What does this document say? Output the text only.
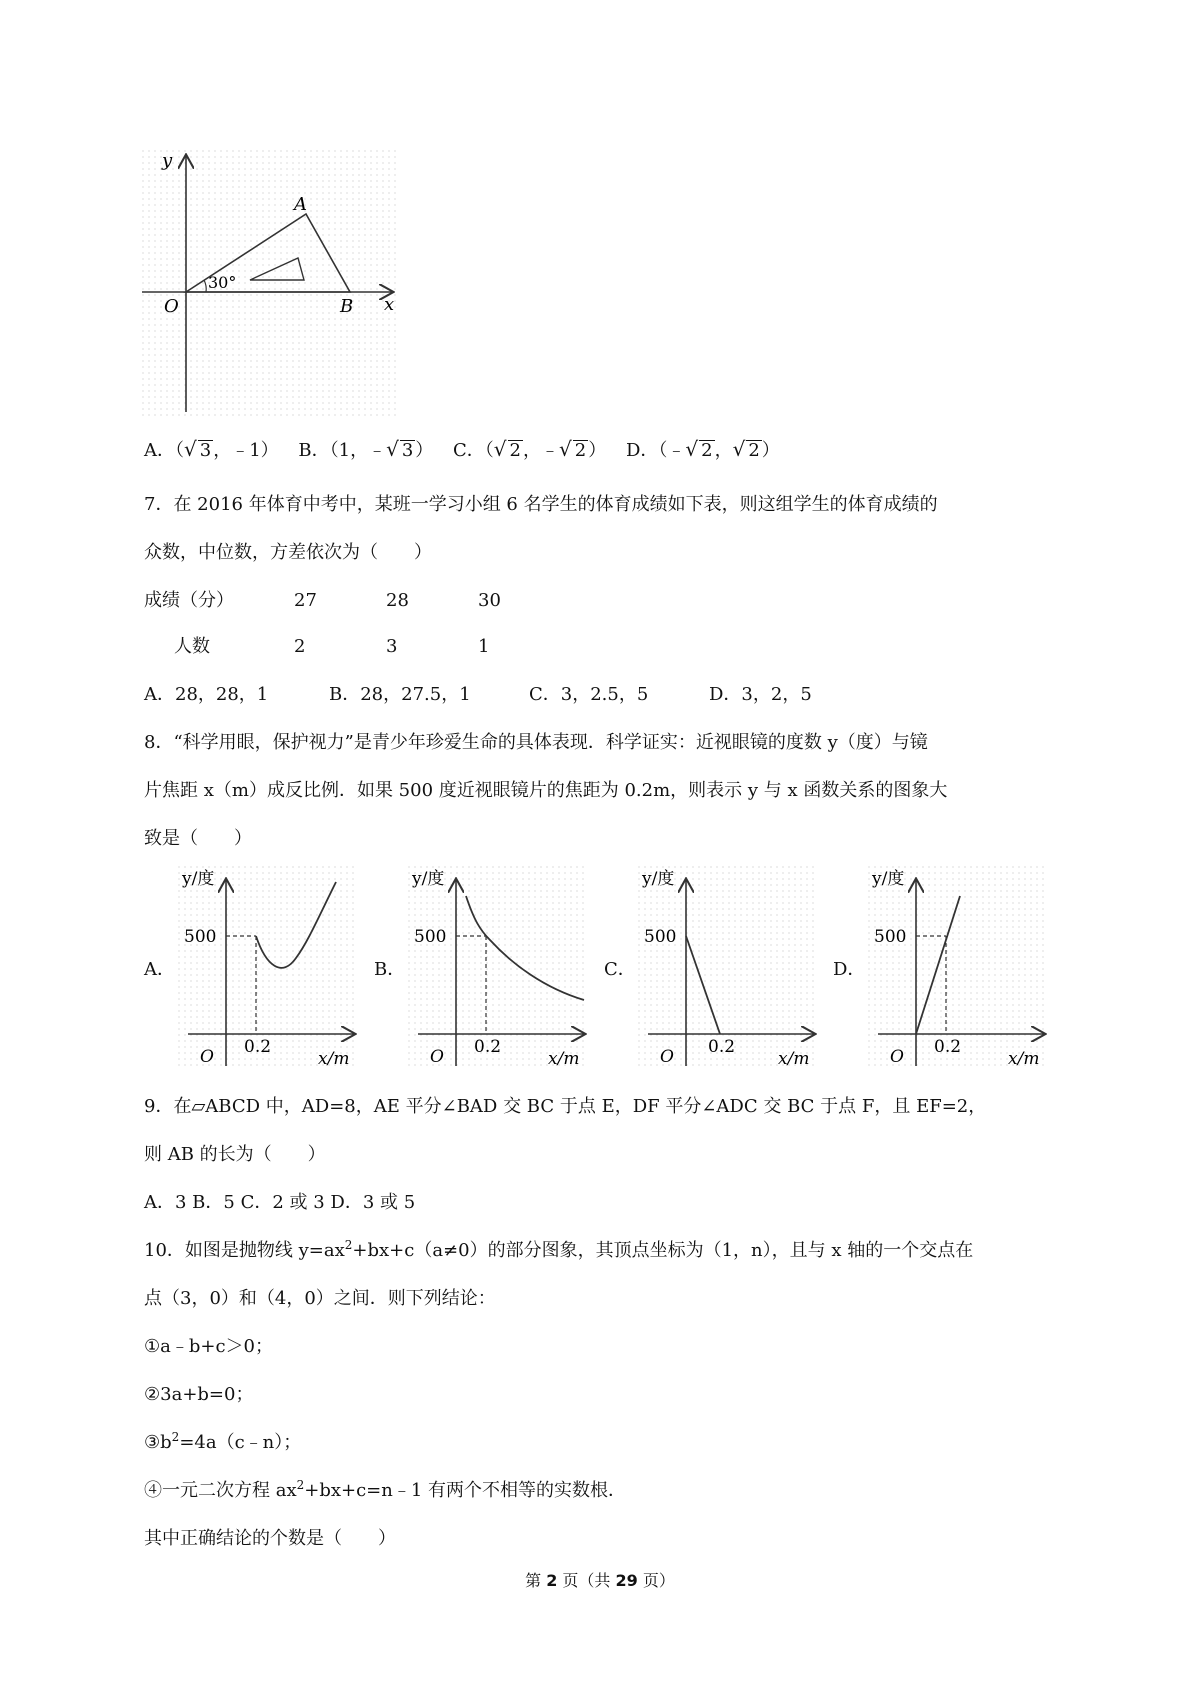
y
x
O
A
B
30°
A．（√ 3 ，﹣1） B．（1，﹣√ 3 ） C．（√ 2 ，﹣√ 2 ） D．（﹣√ 2 ，√ 2 ）
7．在 2016 年体育中考中，某班一学习小组 6 名学生的体育成绩如下表，则这组学生的体育成绩的
众数，中位数，方差依次为（　　）
成绩（分）	27	28	30
人数	2	3	1
A．28，28，1	B．28，27.5，1	C．3，2.5，5	D．3，2，5
8．“科学用眼，保护视力”是青少年珍爱生命的具体表现．科学证实：近视眼镜的度数 y（度）与镜
片焦距 x（m）成反比例．如果 500 度近视眼镜片的焦距为 0.2m，则表示 y 与 x 函数关系的图象大
致是（　　）
A．	B．	C．	D．
y/度
500
0.2
O	x/m
y/度
500
0.2
O	x/m
y/度
500
0.2
O	x/m
y/度
500
0.2
O	x/m
9．在▱ABCD 中，AD=8，AE 平分∠BAD 交 BC 于点 E，DF 平分∠ADC 交 BC 于点 F，且 EF=2，
则 AB 的长为（　　）
A．3 B．5 C．2 或 3 D．3 或 5
10．如图是抛物线 $y=ax^2+bx+c(a\ne 0)$的部分图象，其顶点坐标为（1，n），且与 x 轴的一个交点在
点（3，0）和（4，0）之间．则下列结论：
①a﹣b+c＞0；
②3a+b=0；
$③b^2=4a(c﹣n)$；
④一元二次方程 $ax^2+bx+c=n﹣1$ 有两个不相等的实数根．
其中正确结论的个数是（　　）
第 2 页（共 29 页）
